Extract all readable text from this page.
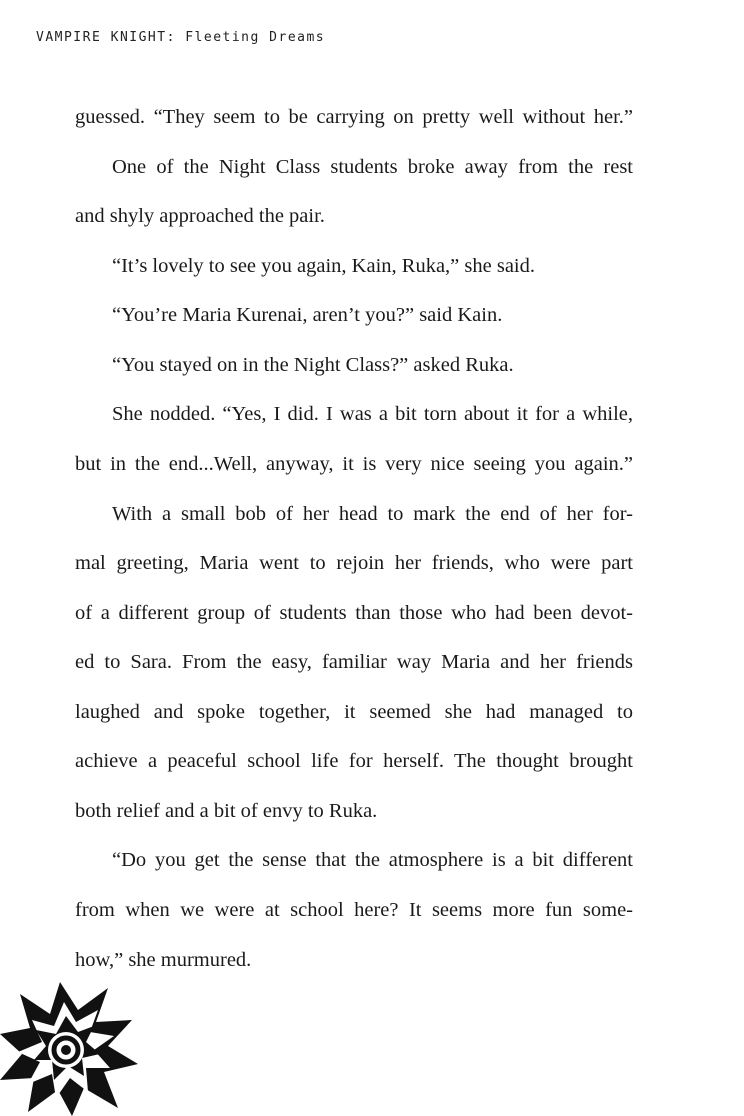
VAMPIRE KNIGHT: Fleeting Dreams
guessed. “They seem to be carrying on pretty well without her.”
One of the Night Class students broke away from the rest
and shyly approached the pair.
“It’s lovely to see you again, Kain, Ruka,” she said.
“You’re Maria Kurenai, aren’t you?” said Kain.
“You stayed on in the Night Class?” asked Ruka.
She nodded. “Yes, I did. I was a bit torn about it for a while,
but in the end...Well, anyway, it is very nice seeing you again.”
With a small bob of her head to mark the end of her for-
mal greeting, Maria went to rejoin her friends, who were part
of a different group of students than those who had been devot-
ed to Sara. From the easy, familiar way Maria and her friends
laughed and spoke together, it seemed she had managed to
achieve a peaceful school life for herself. The thought brought
both relief and a bit of envy to Ruka.
“Do you get the sense that the atmosphere is a bit different
from when we were at school here? It seems more fun some-
how,” she murmured.
